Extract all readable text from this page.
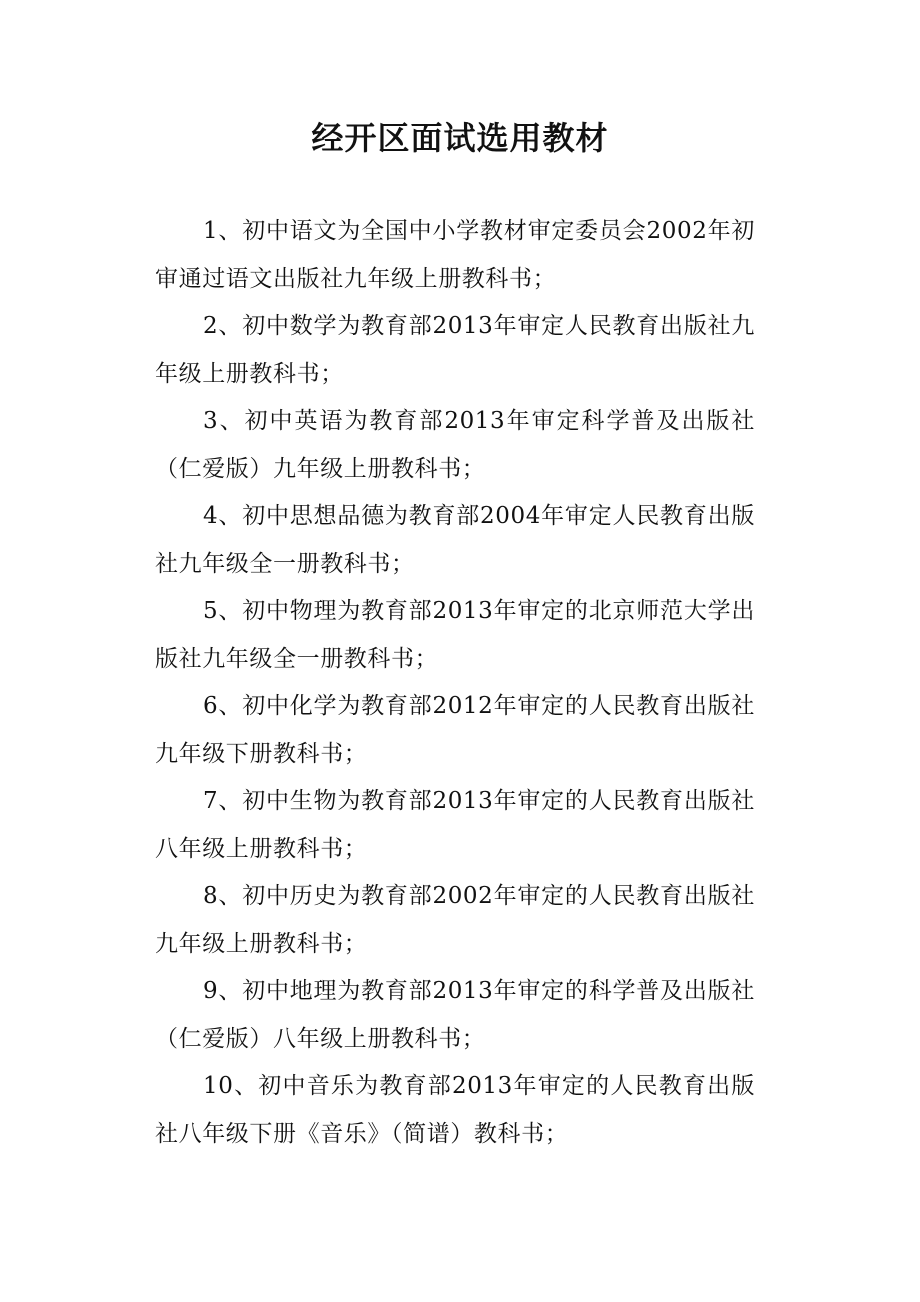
经开区面试选用教材
1、初中语文为全国中小学教材审定委员会2002年初审通过语文出版社九年级上册教科书；
2、初中数学为教育部2013年审定人民教育出版社九年级上册教科书；
3、初中英语为教育部2013年审定科学普及出版社（仁爱版）九年级上册教科书；
4、初中思想品德为教育部2004年审定人民教育出版社九年级全一册教科书；
5、初中物理为教育部2013年审定的北京师范大学出版社九年级全一册教科书；
6、初中化学为教育部2012年审定的人民教育出版社九年级下册教科书；
7、初中生物为教育部2013年审定的人民教育出版社八年级上册教科书；
8、初中历史为教育部2002年审定的人民教育出版社九年级上册教科书；
9、初中地理为教育部2013年审定的科学普及出版社（仁爱版）八年级上册教科书；
10、初中音乐为教育部2013年审定的人民教育出版社八年级下册《音乐》（简谱）教科书；
